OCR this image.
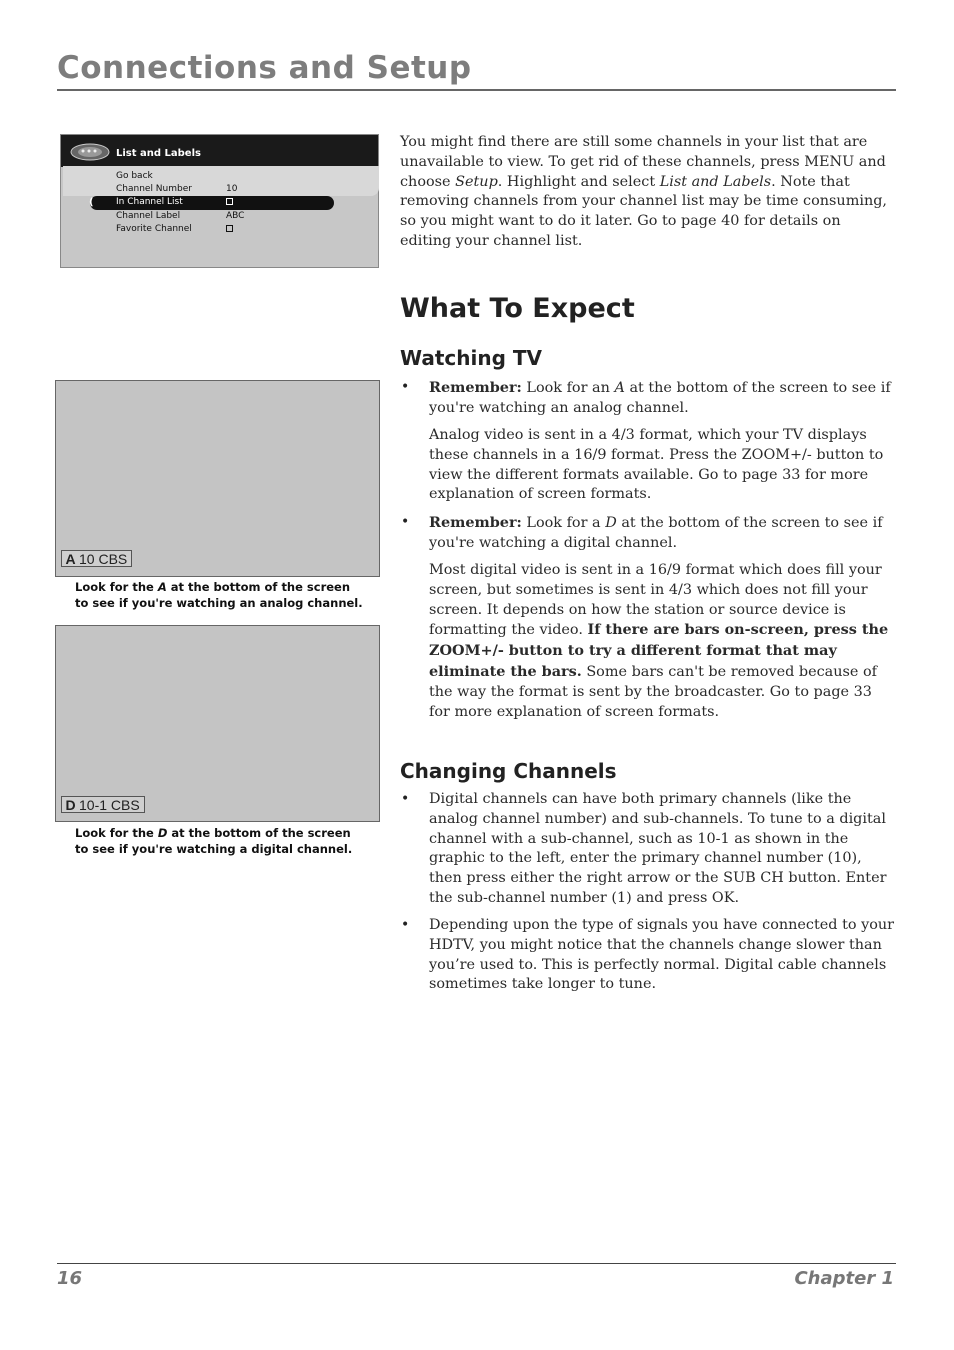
Connections and Setup
List and Labels
Go back
Channel Number	10
( In Channel List
Channel Label	ABC
Favorite Channel

You might find there are still some channels in your list that are unavailable to view. To get rid of these channels, press MENU and choose Setup. Highlight and select List and Labels. Note that removing channels from your channel list may be time consuming, so you might want to do it later. Go to page 40 for details on editing your channel list.

A 10 CBS

Look for the A at the bottom of the screen to see if you're watching an analog channel.

D 10-1 CBS

Look for the D at the bottom of the screen to see if you're watching a digital channel.

What To Expect
Watching TV
• Remember: Look for an A at the bottom of the screen to see if you're watching an analog channel.

Analog video is sent in a 4/3 format, which your TV displays these channels in a 16/9 format. Press the ZOOM+/- button to view the different formats available. Go to page 33 for more explanation of screen formats.

• Remember: Look for a D at the bottom of the screen to see if you're watching a digital channel.

Most digital video is sent in a 16/9 format which does fill your screen, but sometimes is sent in 4/3 which does not fill your screen. It depends on how the station or source device is formatting the video. If there are bars on-screen, press the ZOOM+/- button to try a different format that may eliminate the bars. Some bars can't be removed because of the way the format is sent by the broadcaster. Go to page 33 for more explanation of screen formats.

Changing Channels
• Digital channels can have both primary channels (like the analog channel number) and sub-channels. To tune to a digital channel with a sub-channel, such as 10-1 as shown in the graphic to the left, enter the primary channel number (10), then press either the right arrow or the SUB CH button. Enter the sub-channel number (1) and press OK.

• Depending upon the type of signals you have connected to your HDTV, you might notice that the channels change slower than you’re used to. This is perfectly normal. Digital cable channels sometimes take longer to tune.

16	Chapter 1
